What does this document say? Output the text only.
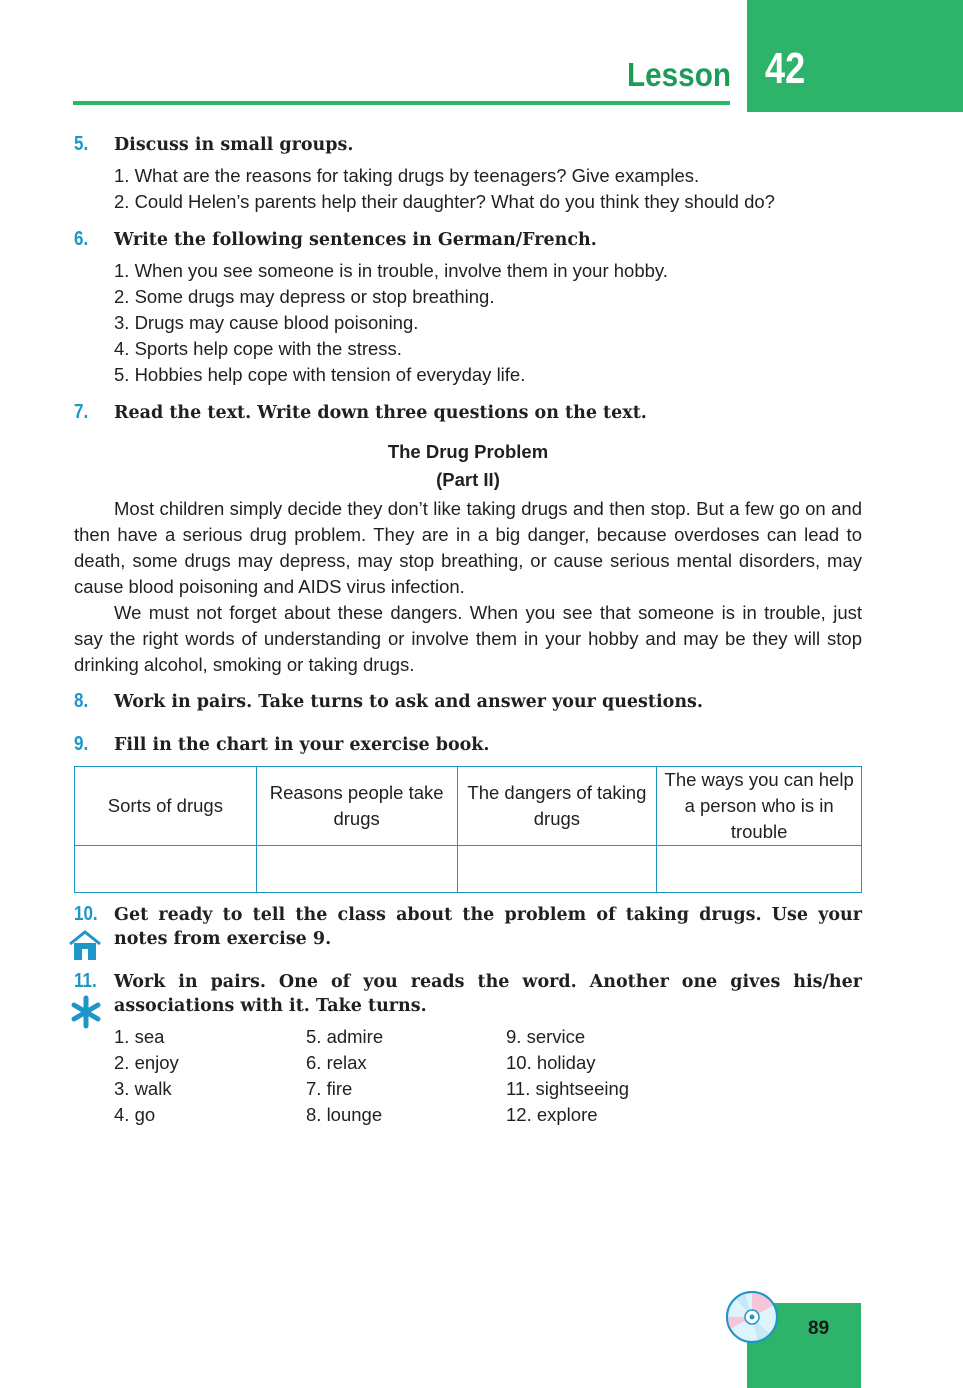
42
Lesson
5. Discuss in small groups.
1. What are the reasons for taking drugs by teenagers? Give examples.
2. Could Helen’s parents help their daughter? What do you think they should do?
6. Write the following sentences in German/French.
1. When you see someone is in trouble, involve them in your hobby.
2. Some drugs may depress or stop breathing.
3. Drugs may cause blood poisoning.
4. Sports help cope with the stress.
5. Hobbies help cope with tension of everyday life.
7. Read the text. Write down three questions on the text.
The Drug Problem
(Part II)

Most children simply decide they don’t like taking drugs and then stop. But a few go on and then have a serious drug problem. They are in a big danger, because overdoses can lead to death, some drugs may depress, may stop breathing, or cause serious mental disorders, may cause blood poisoning and AIDS virus infection.

We must not forget about these dangers. When you see that someone is in trouble, just say the right words of understanding or involve them in your hobby and may be they will stop drinking alcohol, smoking or taking drugs.

8. Work in pairs. Take turns to ask and answer your questions.
9. Fill in the chart in your exercise book.
Sorts of drugs	Reasons people take drugs	The dangers of taking drugs	The ways you can help a person who is in trouble

10. Get ready to tell the class about the problem of taking drugs. Use your
notes from exercise 9.
11. Work in pairs. One of you reads the word. Another one gives his/her
associations with it. Take turns.
1. sea
2. enjoy
3. walk
4. go
5. admire
6. relax
7. fire
8. lounge
9. service
10. holiday
11. sightseeing
12. explore
89
